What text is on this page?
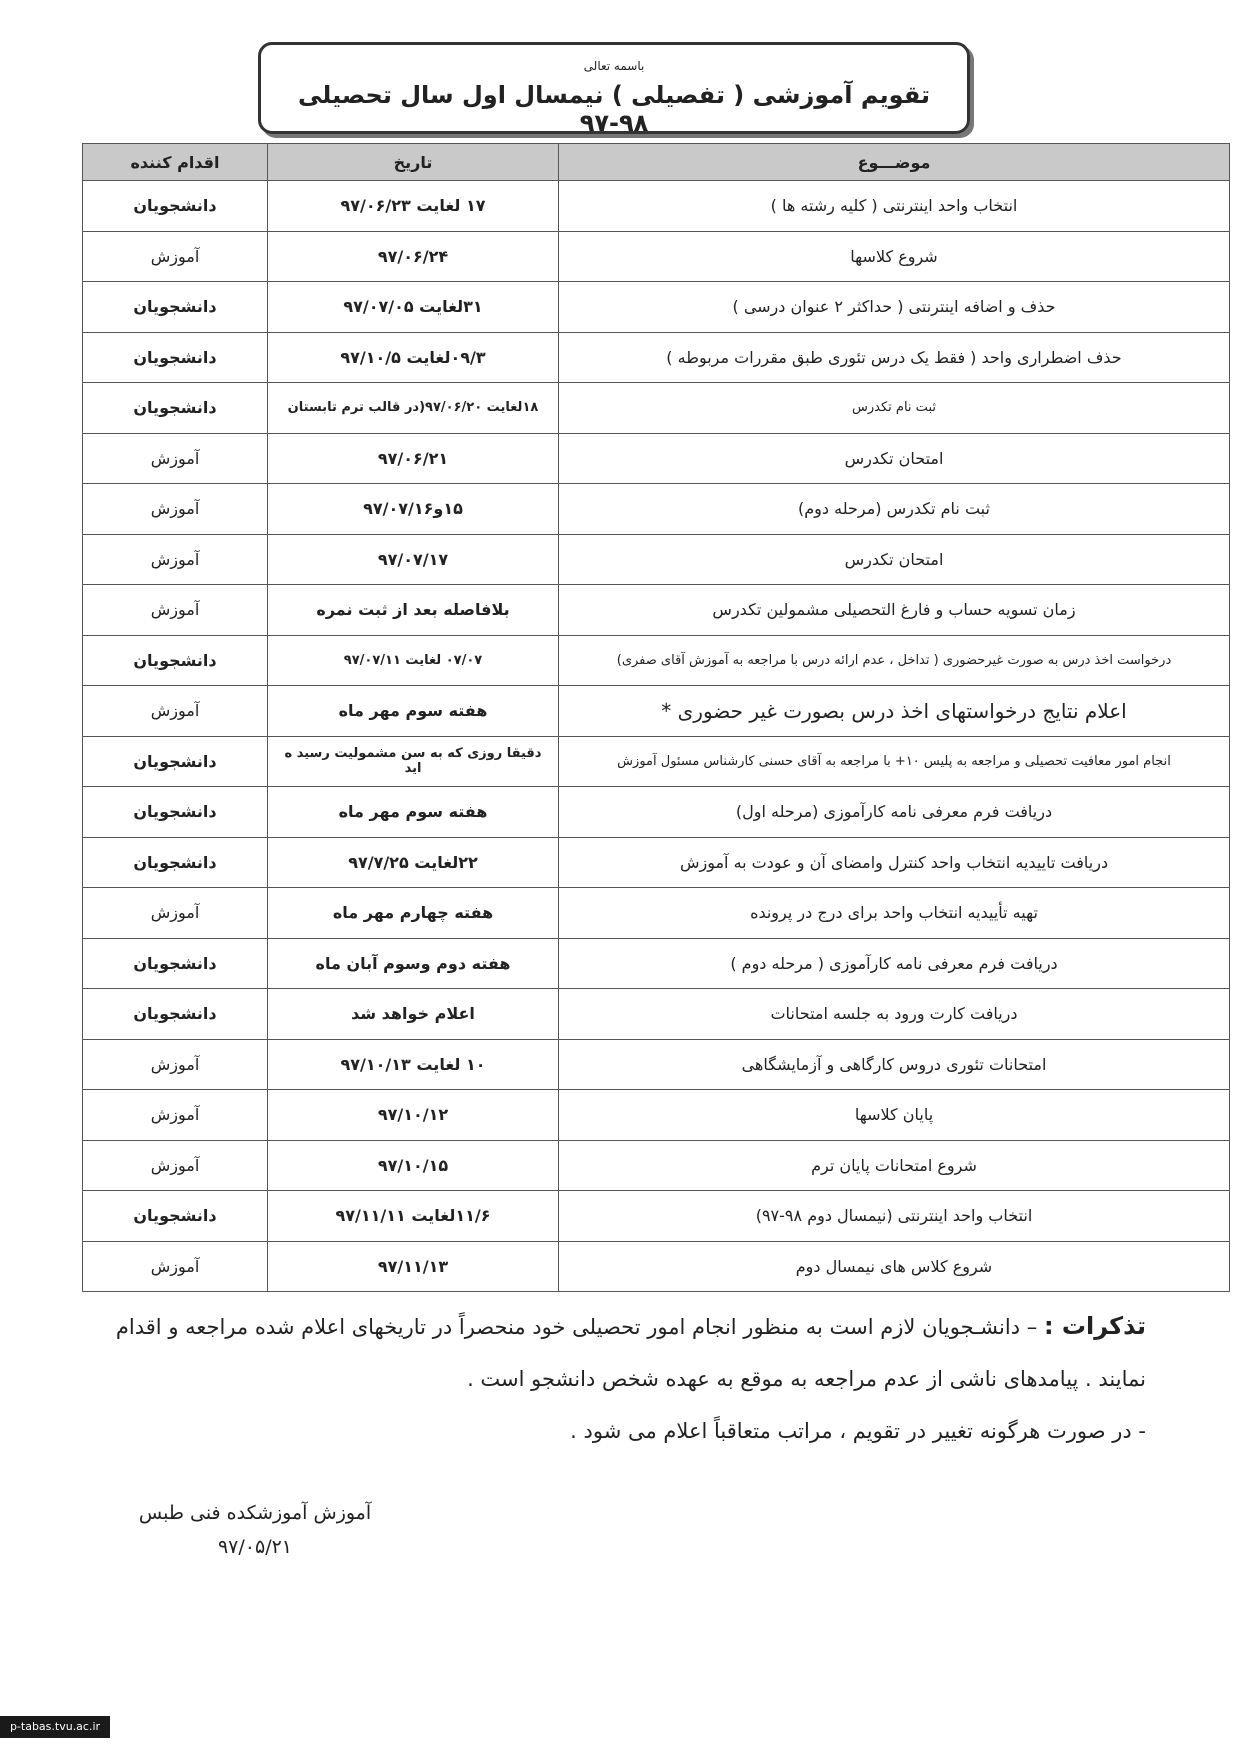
باسمه تعالی
تقویم آموزشی ( تفصیلی ) نیمسال اول سال تحصیلی ۹۸-۹۷
موضـــوع	تاریخ	اقدام کننده
انتخاب واحد اینترنتی ( کلیه رشته ها )	۱۷ لغایت ۹۷/۰۶/۲۳	دانشجویان
شروع کلاسها	۹۷/۰۶/۲۴	آموزش
حذف و اضافه اینترنتی ( حداکثر ۲ عنوان درسی )	۳۱لغایت ۹۷/۰۷/۰۵	دانشجویان
حذف اضطراری واحد ( فقط یک درس تئوری طبق مقررات مربوطه )	۰۹/۳لغایت ۹۷/۱۰/۵	دانشجویان
ثبت نام تکدرس	۱۸لغایت ۹۷/۰۶/۲۰(در قالب ترم تابستان	دانشجویان
امتحان تکدرس	۹۷/۰۶/۲۱	آموزش
ثبت نام تکدرس (مرحله دوم)	۱۵و۹۷/۰۷/۱۶	آموزش
امتحان تکدرس	۹۷/۰۷/۱۷	آموزش
زمان تسویه حساب و فارغ التحصیلی مشمولین تکدرس	بلافاصله بعد از ثبت نمره	آموزش
درخواست اخذ درس به صورت غیرحضوری ( تداخل ، عدم ارائه درس با مراجعه به آموزش آقای صفری)	۰۷/۰۷ لغایت ۹۷/۰۷/۱۱	دانشجویان
اعلام نتایج درخواستهای اخذ درس بصورت غیر حضوری *	هفته سوم مهر ماه	آموزش
انجام امور معافیت تحصیلی و مراجعه به پلیس ۱۰+ با مراجعه به آقای حسنی کارشناس مسئول آموزش	دقیقا روزی که به سن مشمولیت رسید ه اید	دانشجویان
دریافت فرم معرفی نامه کارآموزی (مرحله اول)	هفته سوم مهر ماه	دانشجویان
دریافت تاییدیه انتخاب واحد کنترل وامضای آن و عودت به آموزش	۲۲لغایت ۹۷/۷/۲۵	دانشجویان
تهیه تأییدیه انتخاب واحد برای درج در پرونده	هفته چهارم مهر ماه	آموزش
دریافت فرم معرفی نامه کارآموزی ( مرحله دوم )	هفته دوم وسوم آبان ماه	دانشجویان
دریافت کارت ورود به جلسه امتحانات	اعلام خواهد شد	دانشجویان
امتحانات تئوری دروس کارگاهی و آزمایشگاهی	۱۰ لغایت ۹۷/۱۰/۱۳	آموزش
پایان کلاسها	۹۷/۱۰/۱۲	آموزش
شروع امتحانات پایان ترم	۹۷/۱۰/۱۵	آموزش
انتخاب واحد اینترنتی (نیمسال دوم ۹۸-۹۷)	۱۱/۶لغایت ۹۷/۱۱/۱۱	دانشجویان
شروع کلاس های نیمسال دوم	۹۷/۱۱/۱۳	آموزش
تذکرات : – دانشـجویان لازم است به منظور انجام امور تحصیلی خود منحصراً در تاریخهای اعلام شده مراجعه و اقدام نمایند . پیامدهای ناشی از عدم مراجعه به موقع به عهده شخص دانشجو است .
- در صورت هرگونه تغییر در تقویم ، مراتب متعاقباً اعلام می شود .
آموزش آموزشکده فنی طبس
۹۷/۰۵/۲۱
p-tabas.tvu.ac.ir
